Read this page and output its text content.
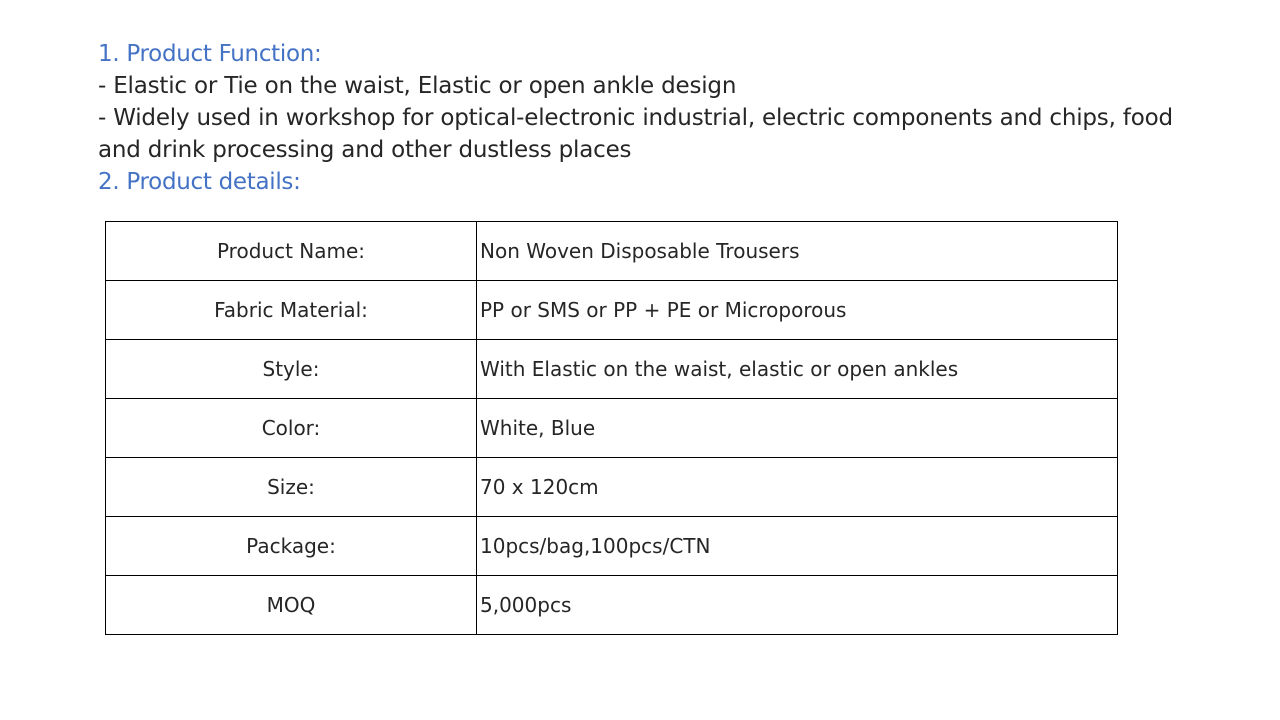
1. Product Function:

- Elastic or Tie on the waist, Elastic or open ankle design

- Widely used in workshop for optical-electronic industrial, electric components and chips, food and drink processing and other dustless places

2. Product details:

Product Name:	Non Woven Disposable Trousers
Fabric Material:	PP or SMS or PP + PE or Microporous
Style:	With Elastic on the waist, elastic or open ankles
Color:	White, Blue
Size:	70 x 120cm
Package:	10pcs/bag,100pcs/CTN
MOQ	5,000pcs
